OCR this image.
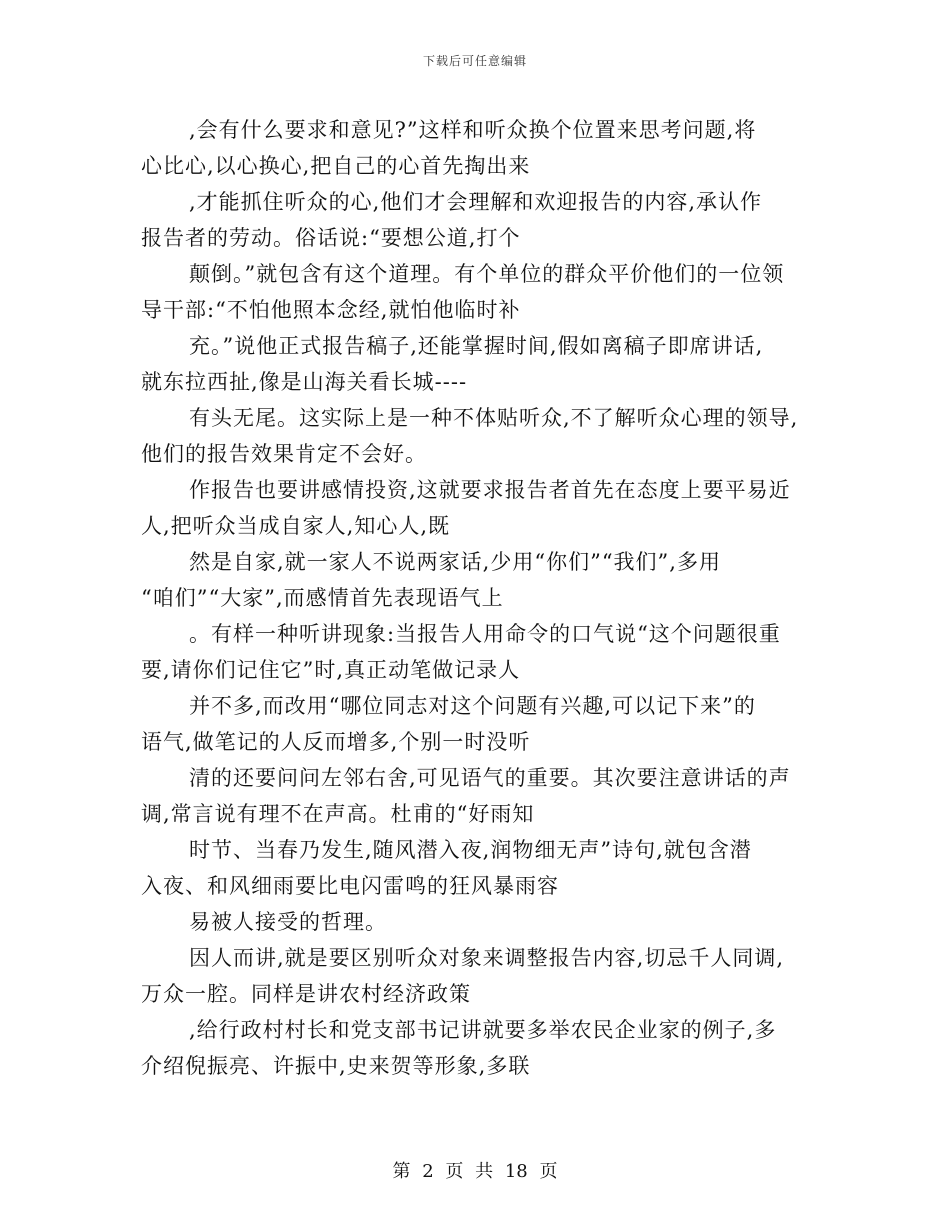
下载后可任意编辑
,会有什么要求和意见?”这样和听众换个位置来思考问题,将
心比心,以心换心,把自己的心首先掏出来
,才能抓住听众的心,他们才会理解和欢迎报告的内容,承认作
报告者的劳动。俗话说:“要想公道,打个
颠倒。”就包含有这个道理。有个单位的群众平价他们的一位领
导干部:“不怕他照本念经,就怕他临时补
充。”说他正式报告稿子,还能掌握时间,假如离稿子即席讲话,
就东拉西扯,像是山海关看长城----
有头无尾。这实际上是一种不体贴听众,不了解听众心理的领导,
他们的报告效果肯定不会好。
作报告也要讲感情投资,这就要求报告者首先在态度上要平易近
人,把听众当成自家人,知心人,既
然是自家,就一家人不说两家话,少用“你们”“我们”,多用
“咱们”“大家”,而感情首先表现语气上
。有样一种听讲现象:当报告人用命令的口气说“这个问题很重
要,请你们记住它”时,真正动笔做记录人
并不多,而改用“哪位同志对这个问题有兴趣,可以记下来”的
语气,做笔记的人反而增多,个别一时没听
清的还要问问左邻右舍,可见语气的重要。其次要注意讲话的声
调,常言说有理不在声高。杜甫的“好雨知
时节、当春乃发生,随风潜入夜,润物细无声”诗句,就包含潜
入夜、和风细雨要比电闪雷鸣的狂风暴雨容
易被人接受的哲理。
因人而讲,就是要区别听众对象来调整报告内容,切忌千人同调,
万众一腔。同样是讲农村经济政策
,给行政村村长和党支部书记讲就要多举农民企业家的例子,多
介绍倪振亮、许振中,史来贺等形象,多联
第 2 页 共 18 页
